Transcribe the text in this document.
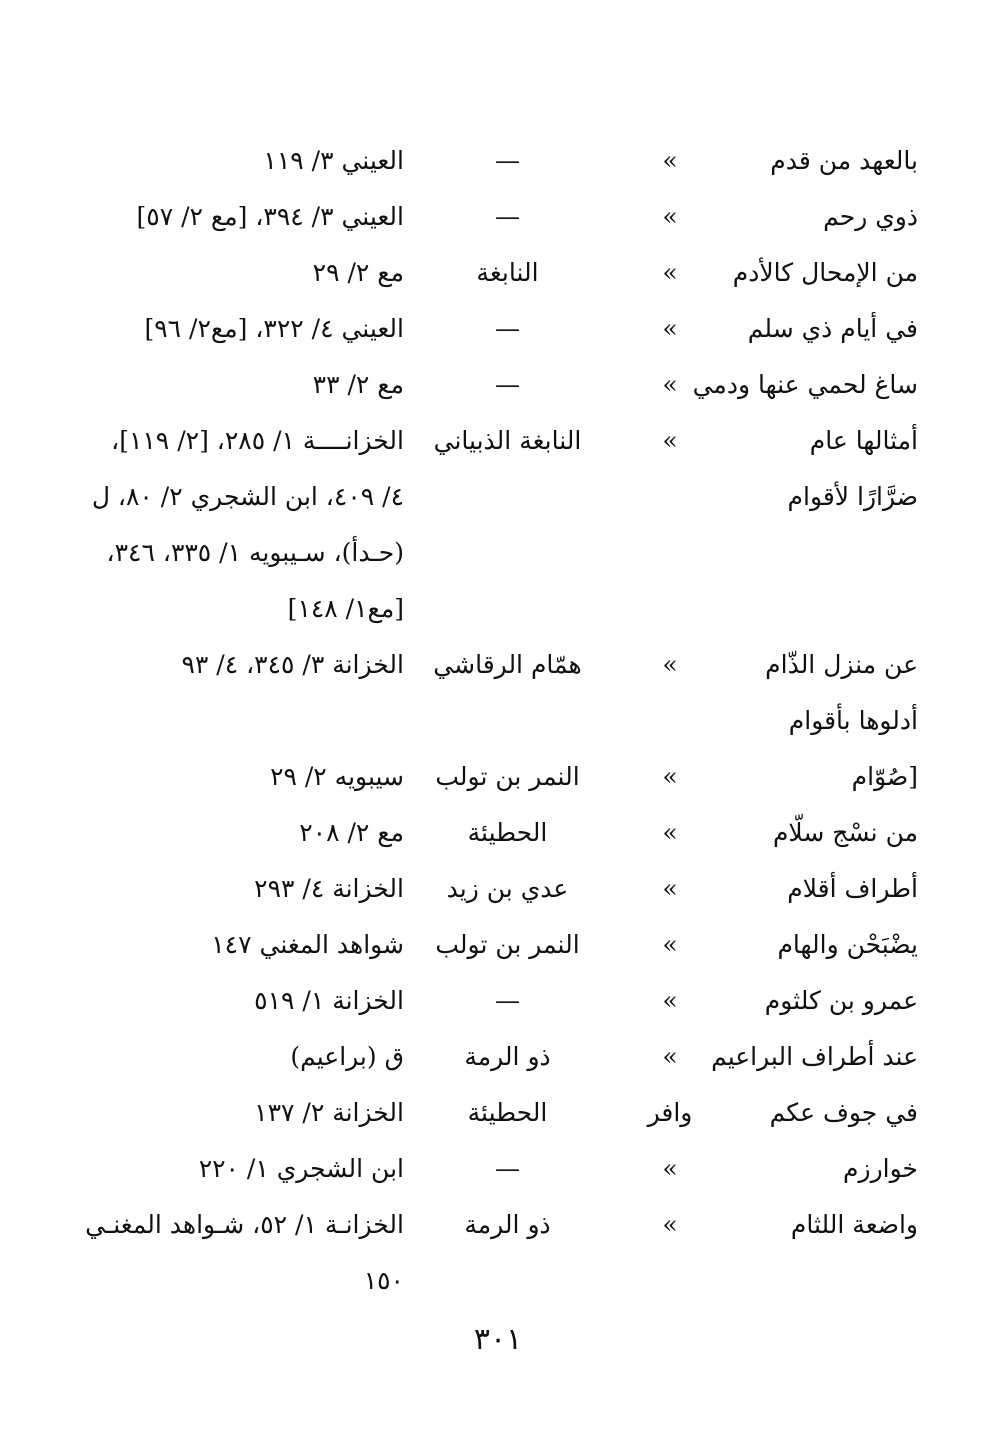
بالعهد من قدم
«
—
العيني ٣/ ١١٩
ذوي رحم
«
—
العيني ٣/ ٣٩٤، [مع ٢/ ٥٧]
من الإمحال كالأدم
«
النابغة
مع ٢/ ٢٩
في أيام ذي سلم
«
—
العيني ٤/ ٣٢٢، [مع٢/ ٩٦]
ساغ لحمي عنها ودمي
«
—
مع ٢/ ٣٣
أمثالها عام
ضرَّارًا لأقوام
«
النابغة الذبياني
الخزانــــة ١/ ٢٨٥، [٢/ ١١٩]،
٤/ ٤٠٩، ابن الشجري ٢/ ٨٠، ل
(حـدأ)، سـيبويه ١/ ٣٣٥، ٣٤٦،
[مع١/ ١٤٨]
عن منزل الذّام
أدلوها بأقوام
«
همّام الرقاشي
الخزانة ٣/ ٣٤٥، ٤/ ٩٣
[صُوّام
«
النمر بن تولب
سيبويه ٢/ ٢٩
من نسْج سلّام
«
الحطيئة
مع ٢/ ٢٠٨
أطراف أقلام
«
عدي بن زيد
الخزانة ٤/ ٢٩٣
يضْبَحْن والهام
«
النمر بن تولب
شواهد المغني ١٤٧
عمرو بن كلثوم
«
—
الخزانة ١/ ٥١٩
عند أطراف البراعيم
«
ذو الرمة
ق (براعيم)
في جوف عكم
وافر
الحطيئة
الخزانة ٢/ ١٣٧
خوارزم
«
—
ابن الشجري ١/ ٢٢٠
واضعة اللثام
«
ذو الرمة
الخزانـة ١/ ٥٢، شـواهد المغنـي
١٥٠
٣٠١
